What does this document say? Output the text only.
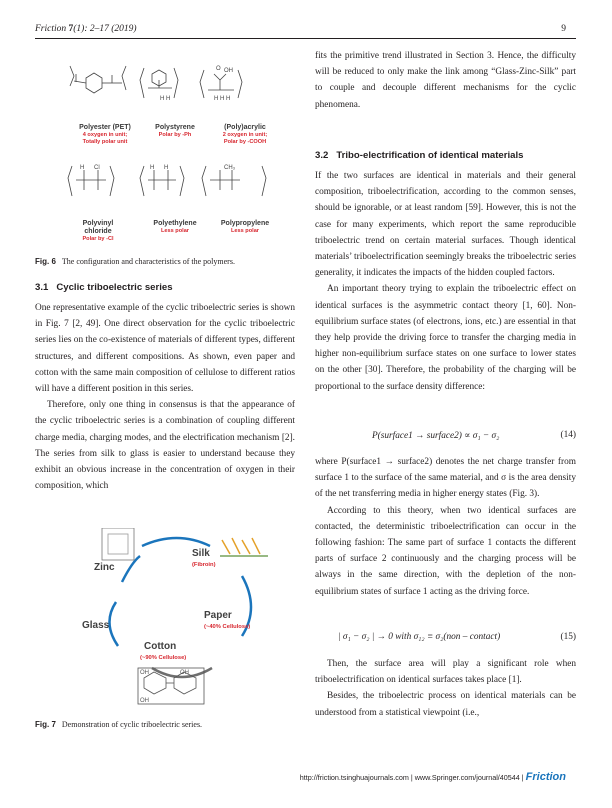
Friction 7(1): 2–17 (2019)	9
H H
O OH
H H H
H Cl	H H	CH₃
Polyester (PET)
4 oxygen in unit;
Totally polar unit
Polystyrene
Polar by -Ph
(Poly)acrylic
2 oxygen in unit;
Polar by -COOH
Polyvinyl chloride
Polar by -Cl
Polyethylene
Less polar
Polypropylene
Less polar
Fig. 6 The configuration and characteristics of the polymers.
3.1   Cyclic triboelectric series

One representative example of the cyclic triboelectric series is shown in Fig. 7 [2, 49]. One direct observation for the cyclic triboelectric series lies on the co-existence of materials of different types, different structures, and different compositions. As shown, even paper and cotton with the same main composition of cellulose to different ratios will have a different position in this series.

Therefore, only one thing in consensus is that the appearance of the cyclic triboelectric series is a combination of coupling different charge media, charging modes, and the electrification mechanism [2]. The series from silk to glass is easier to understand because they exhibit an obvious increase in the concentration of oxygen in their composition, which

OH	OH
OH
Zinc
Silk
(Fibroin)
Glass
Paper
(~40% Cellulose)
Cotton
(~90% Cellulose)
Fig. 7 Demonstration of cyclic triboelectric series.

fits the primitive trend illustrated in Section 3. Hence, the difficulty will be reduced to only make the link among “Glass-Zinc-Silk” part to couple and decouple different mechanisms for the cyclic phenomena.

3.2   Tribo-electrification of identical materials

If the two surfaces are identical in materials and their general composition, triboelectrification, according to the common senses, should be ignorable, or at least random [59]. However, this is not the case for many experiments, which report the same reproducible triboelectric trend on certain material surfaces. Though identical materials’ triboelectrification seemingly breaks the triboelectric series generality, it indicates the impacts of the hidden coupled factors.

An important theory trying to explain the triboelectric effect on identical surfaces is the asymmetric contact theory [1, 60]. Non-equilibrium surface states (of electrons, ions, etc.) are essential in that they help provide the driving force to transfer the charging media in higher non-equilibrium surface states on one surface to lower states on the other [30]. Therefore, the probability of the charging will be proportional to the surface density difference:

P(surface1 → surface2) ∝ σ₁ − σ₂	(14)

where P(surface1 → surface2) denotes the net charge transfer from surface 1 to the surface of the same material, and σ is the area density of the net transferring media in higher energy states (Fig. 3).

According to this theory, when two identical surfaces are contacted, the deterministic triboelectrification can occur in the following fashion: The same part of surface 1 contacts the different parts of surface 2 continuously and the charging process will be always in the same direction, with the depletion of the non-equilibrium states of surface 1 acting as the driving force.

| σ₁ − σ₂ | → 0 with σ₁₂ ≡ σ₂(non – contact)	(15)

Then, the surface area will play a significant role when triboelectrification on identical surfaces takes place [1].

Besides, the triboelectric process on identical materials can be understood from a statistical viewpoint (i.e.,

http://friction.tsinghuajournals.com | www.Springer.com/journal/40544 | Friction
